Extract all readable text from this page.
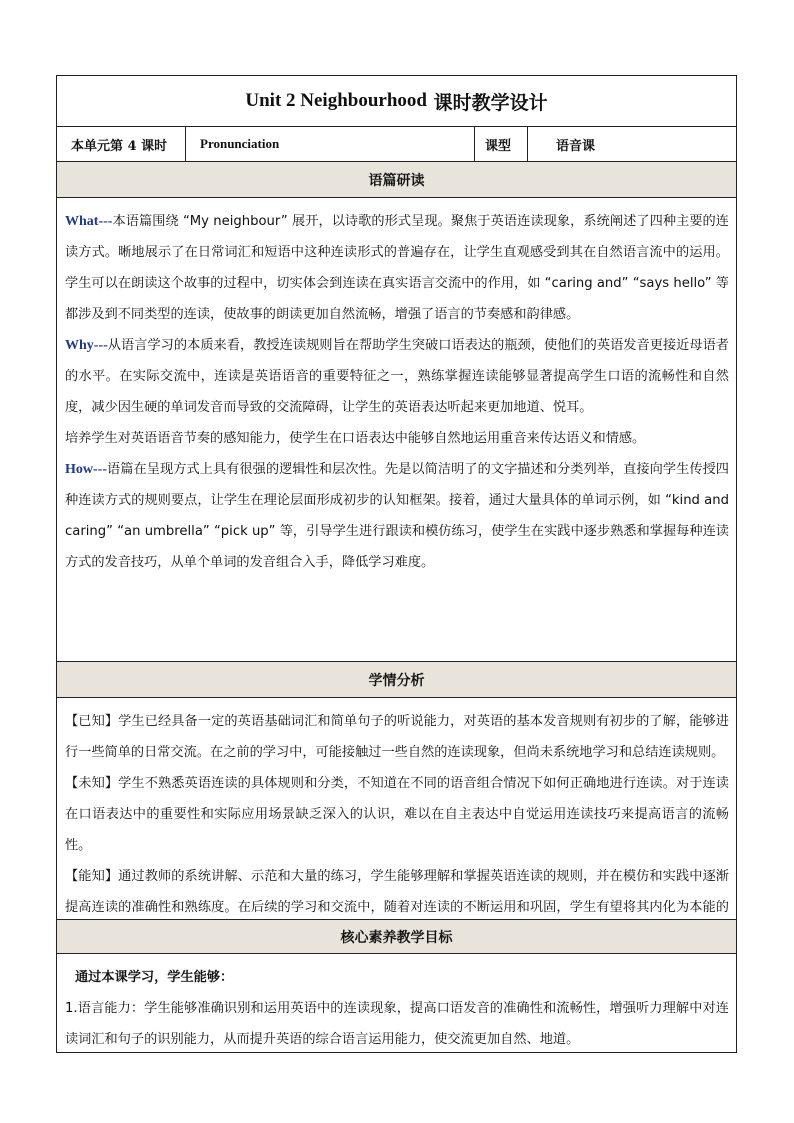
Unit 2 Neighbourhood
课时教学设计
本单元第 4 课时	Pronunciation	课型	语音课
语篇研读

What---本语篇围绕 “My neighbour” 展开，以诗歌的形式呈现。聚焦于英语连读现象，系统阐述了四种主要的连读方式。晰地展示了在日常词汇和短语中这种连读形式的普遍存在，让学生直观感受到其在自然语言流中的运用。学生可以在朗读这个故事的过程中，切实体会到连读在真实语言交流中的作用，如 “caring and” “says hello” 等都涉及到不同类型的连读，使故事的朗读更加自然流畅，增强了语言的节奏感和韵律感。

Why---从语言学习的本质来看，教授连读规则旨在帮助学生突破口语表达的瓶颈，使他们的英语发音更接近母语者的水平。在实际交流中，连读是英语语音的重要特征之一，熟练掌握连读能够显著提高学生口语的流畅性和自然度，减少因生硬的单词发音而导致的交流障碍，让学生的英语表达听起来更加地道、悦耳。

培养学生对英语语音节奏的感知能力，使学生在口语表达中能够自然地运用重音来传达语义和情感。

How---语篇在呈现方式上具有很强的逻辑性和层次性。先是以简洁明了的文字描述和分类列举，直接向学生传授四种连读方式的规则要点，让学生在理论层面形成初步的认知框架。接着，通过大量具体的单词示例，如 “kind and caring” “an umbrella” “pick up” 等，引导学生进行跟读和模仿练习，使学生在实践中逐步熟悉和掌握每种连读方式的发音技巧，从单个单词的发音组合入手，降低学习难度。

学情分析

【已知】学生已经具备一定的英语基础词汇和简单句子的听说能力，对英语的基本发音规则有初步的了解，能够进行一些简单的日常交流。在之前的学习中，可能接触过一些自然的连读现象，但尚未系统地学习和总结连读规则。

【未知】学生不熟悉英语连读的具体规则和分类，不知道在不同的语音组合情况下如何正确地进行连读。对于连读在口语表达中的重要性和实际应用场景缺乏深入的认识，难以在自主表达中自觉运用连读技巧来提高语言的流畅性。

【能知】通过教师的系统讲解、示范和大量的练习，学生能够理解和掌握英语连读的规则，并在模仿和实践中逐渐提高连读的准确性和熟练度。在后续的学习和交流中，随着对连读的不断运用和巩固，学生有望将其内化为本能的

核心素养教学目标

通过本课学习，学生能够：

1.语言能力：学生能够准确识别和运用英语中的连读现象，提高口语发音的准确性和流畅性，增强听力理解中对连读词汇和句子的识别能力，从而提升英语的综合语言运用能力，使交流更加自然、地道。
